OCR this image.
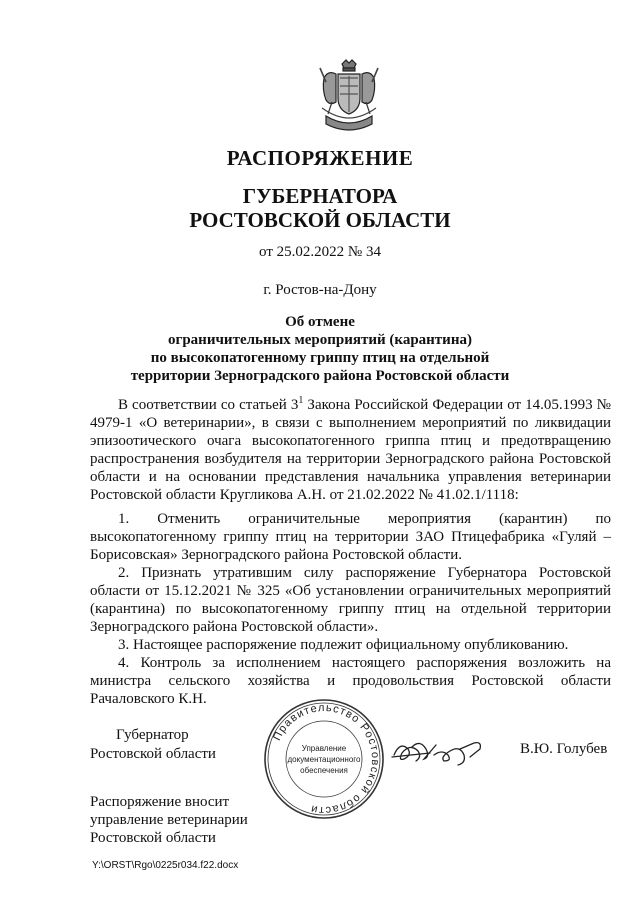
РАСПОРЯЖЕНИЕ
ГУБЕРНАТОРА
РОСТОВСКОЙ ОБЛАСТИ
от 25.02.2022 № 34
г. Ростов-на-Дону
Об отмене
ограничительных мероприятий (карантина)
по высокопатогенному гриппу птиц на отдельной
территории Зерноградского района Ростовской области
В соответствии со статьей $3^1$ Закона Российской Федерации от 14.05.1993 № 4979-1 «О ветеринарии», в связи с выполнением мероприятий по ликвидации эпизоотического очага высокопатогенного гриппа птиц и предотвращению распространения возбудителя на территории Зерноградского района Ростовской области и на основании представления начальника управления ветеринарии Ростовской области Кругликова А.Н. от 21.02.2022 № 41.02.1/1118:
1. Отменить ограничительные мероприятия (карантин) по высокопатогенному гриппу птиц на территории ЗАО Птицефабрика «Гуляй – Борисовская» Зерноградского района Ростовской области.
2. Признать утратившим силу распоряжение Губернатора Ростовской области от 15.12.2021 № 325 «Об установлении ограничительных мероприятий (карантина) по высокопатогенному гриппу птиц на отдельной территории Зерноградского района Ростовской области».
3. Настоящее распоряжение подлежит официальному опубликованию.
4. Контроль за исполнением настоящего распоряжения возложить на министра сельского хозяйства и продовольствия Ростовской области Рачаловского К.Н.
Губернатор
Ростовской области
Правительство Ростовской области
Управление
документационного
обеспечения
В.Ю. Голубев
Распоряжение вносит
управление ветеринарии
Ростовской области
Y:\ORST\Rgo\0225r034.f22.docx
